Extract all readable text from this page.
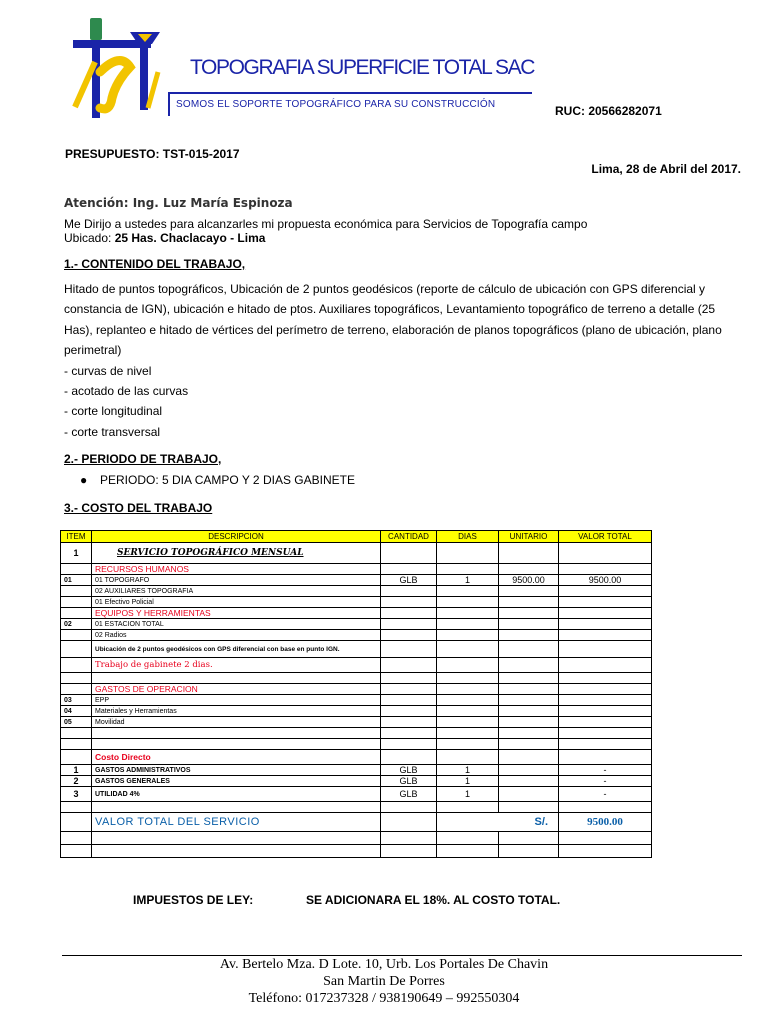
TOPOGRAFIA SUPERFICIE TOTAL SAC
SOMOS EL SOPORTE TOPOGRÁFICO PARA SU CONSTRUCCIÓN	RUC: 20566282071
PRESUPUESTO: TST-015-2017
Lima, 28 de Abril del 2017.
Atención: Ing. Luz María Espinoza
Me Dirijo a ustedes para alcanzarles mi propuesta económica para Servicios de Topografía campo
Ubicado: 25 Has. Chaclacayo - Lima
1.- CONTENIDO DEL TRABAJO,

Hitado de puntos topográficos, Ubicación de 2 puntos geodésicos (reporte de cálculo de ubicación con GPS diferencial y constancia de IGN), ubicación e hitado de ptos. Auxiliares topográficos, Levantamiento topográfico de terreno a detalle (25 Has), replanteo e hitado de vértices del perímetro de terreno, elaboración de planos topográficos (plano de ubicación, plano perimetral)

- curvas de nivel

- acotado de las curvas

- corte longitudinal

- corte transversal

2.- PERIODO DE TRABAJO,
● PERIODO: 5 DIA CAMPO Y 2 DIAS GABINETE
3.- COSTO DEL TRABAJO
ITEM	DESCRIPCION	CANTIDAD	DIAS	UNITARIO	VALOR TOTAL
1	SERVICIO TOPOGRÁFICO MENSUAL				
	RECURSOS HUMANOS				
01	01 TOPOGRAFO	GLB	1	9500.00	9500.00
	02 AUXILIARES TOPOGRAFIA				
	01 Efectivo Policial				
	EQUIPOS Y HERRAMIENTAS				
02	01 ESTACION TOTAL				
	02 Radios				
	Ubicación de 2 puntos geodésicos con GPS diferencial con base en punto IGN.				
	Trabajo de gabinete 2 dias.				

	GASTOS DE OPERACION				
03	EPP				
04	Materiales y Herramientas				
05	Movilidad				

	Costo Directo				
1	GASTOS ADMINISTRATIVOS	GLB	1		-
2	GASTOS GENERALES	GLB	1		-
3	UTILIDAD 4%	GLB	1		-

	VALOR TOTAL DEL SERVICIO		S/.		9500.00

IMPUESTOS DE LEY:	SE ADICIONARA EL 18%. AL COSTO TOTAL.
Av. Bertelo Mza. D Lote. 10, Urb. Los Portales De Chavin
San Martin De Porres
Teléfono: 017237328 / 938190649 – 992550304
